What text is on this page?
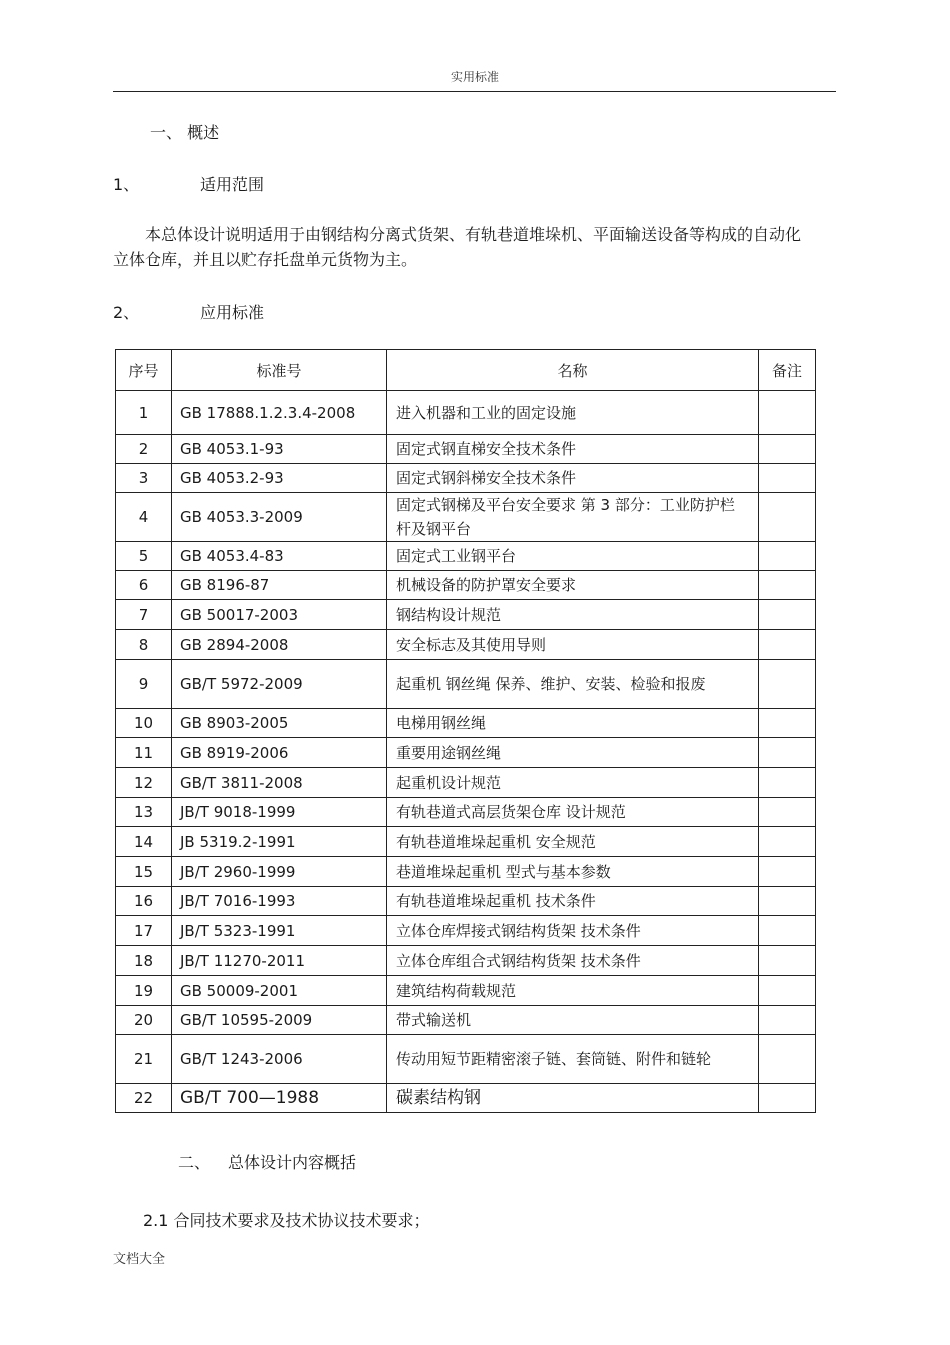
实用标准
一、 概述
1、	适用范围
本总体设计说明适用于由钢结构分离式货架、有轨巷道堆垛机、平面输送设备等构成的自动化立体仓库，并且以贮存托盘单元货物为主。
2、	应用标准
序号	标准号	名称	备注
1	GB 17888.1.2.3.4-2008	进入机器和工业的固定设施	
2	GB 4053.1-93	固定式钢直梯安全技术条件	
3	GB 4053.2-93	固定式钢斜梯安全技术条件	
4	GB 4053.3-2009	固定式钢梯及平台安全要求 第 3 部分：工业防护栏杆及钢平台	
5	GB 4053.4-83	固定式工业钢平台	
6	GB 8196-87	机械设备的防护罩安全要求	
7	GB 50017-2003	钢结构设计规范	
8	GB 2894-2008	安全标志及其使用导则	
9	GB/T 5972-2009	起重机 钢丝绳 保养、维护、安装、检验和报废	
10	GB 8903-2005	电梯用钢丝绳	
11	GB 8919-2006	重要用途钢丝绳	
12	GB/T 3811-2008	起重机设计规范	
13	JB/T 9018-1999	有轨巷道式高层货架仓库 设计规范	
14	JB 5319.2-1991	有轨巷道堆垛起重机 安全规范	
15	JB/T 2960-1999	巷道堆垛起重机 型式与基本参数	
16	JB/T 7016-1993	有轨巷道堆垛起重机 技术条件	
17	JB/T 5323-1991	立体仓库焊接式钢结构货架 技术条件	
18	JB/T 11270-2011	立体仓库组合式钢结构货架 技术条件	
19	GB 50009-2001	建筑结构荷载规范	
20	GB/T 10595-2009	带式输送机	
21	GB/T 1243-2006	传动用短节距精密滚子链、套筒链、附件和链轮	
22	GB/T 700—1988	碳素结构钢	
二、 总体设计内容概括
2.1 合同技术要求及技术协议技术要求；
文档大全
